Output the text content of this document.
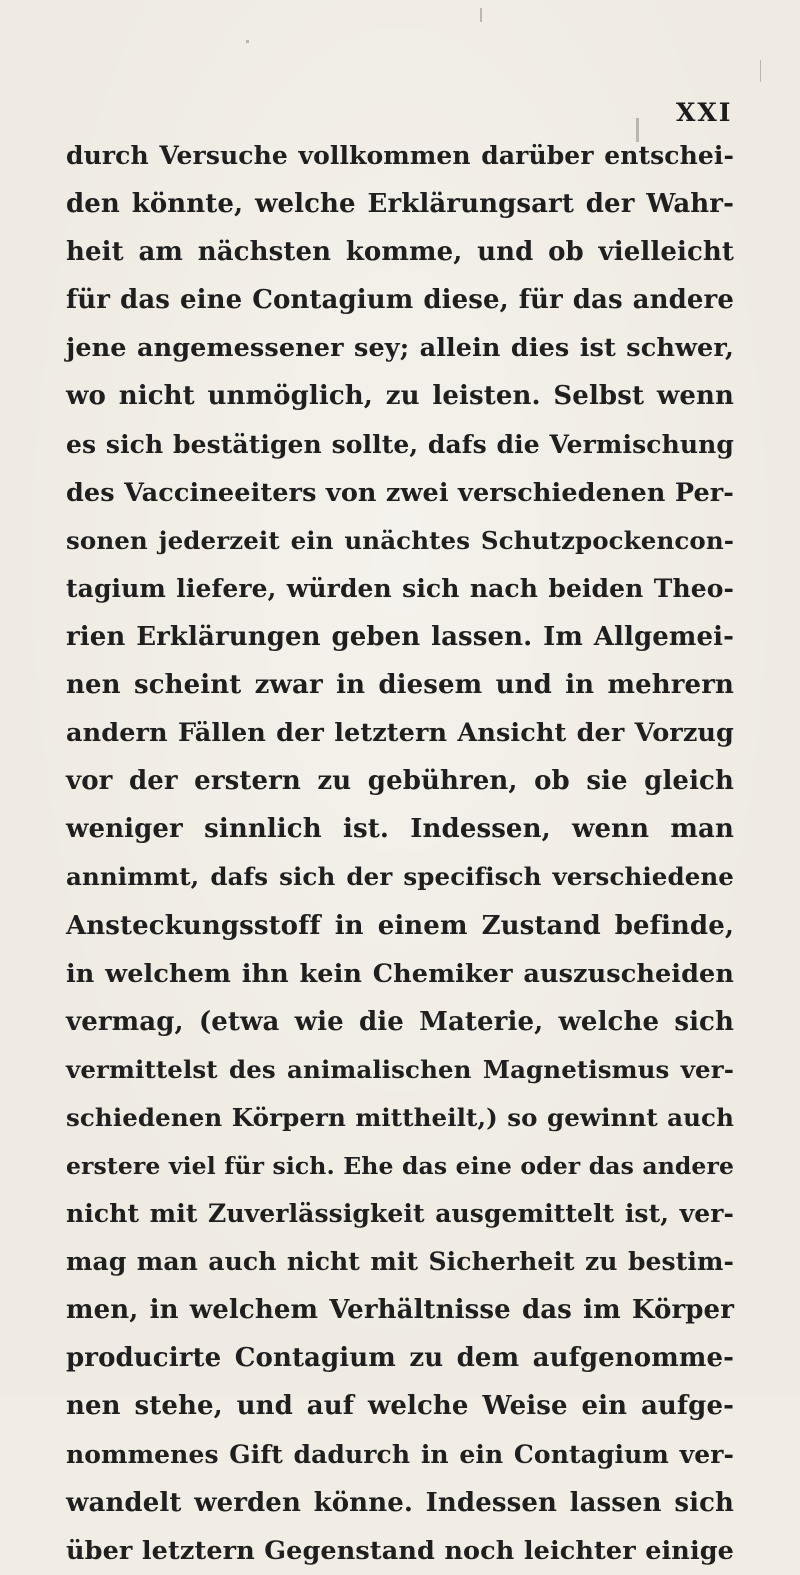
XXI
durch Versuche vollkommen darüber entschei-
den könnte, welche Erklärungsart der Wahr-
heit am nächsten komme, und ob vielleicht
für das eine Contagium diese, für das andere
jene angemessener sey; allein dies ist schwer,
wo nicht unmöglich, zu leisten. Selbst wenn
es sich bestätigen sollte, dafs die Vermischung
des Vaccineeiters von zwei verschiedenen Per-
sonen jederzeit ein unächtes Schutzpockencon-
tagium liefere, würden sich nach beiden Theo-
rien Erklärungen geben lassen. Im Allgemei-
nen scheint zwar in diesem und in mehrern
andern Fällen der letztern Ansicht der Vorzug
vor der erstern zu gebühren, ob sie gleich
weniger sinnlich ist. Indessen, wenn man
annimmt, dafs sich der specifisch verschiedene
Ansteckungsstoff in einem Zustand befinde,
in welchem ihn kein Chemiker auszuscheiden
vermag, (etwa wie die Materie, welche sich
vermittelst des animalischen Magnetismus ver-
schiedenen Körpern mittheilt,) so gewinnt auch
erstere viel für sich. Ehe das eine oder das andere
nicht mit Zuverlässigkeit ausgemittelt ist, ver-
mag man auch nicht mit Sicherheit zu bestim-
men, in welchem Verhältnisse das im Körper
producirte Contagium zu dem aufgenomme-
nen stehe, und auf welche Weise ein aufge-
nommenes Gift dadurch in ein Contagium ver-
wandelt werden könne. Indessen lassen sich
über letztern Gegenstand noch leichter einige
